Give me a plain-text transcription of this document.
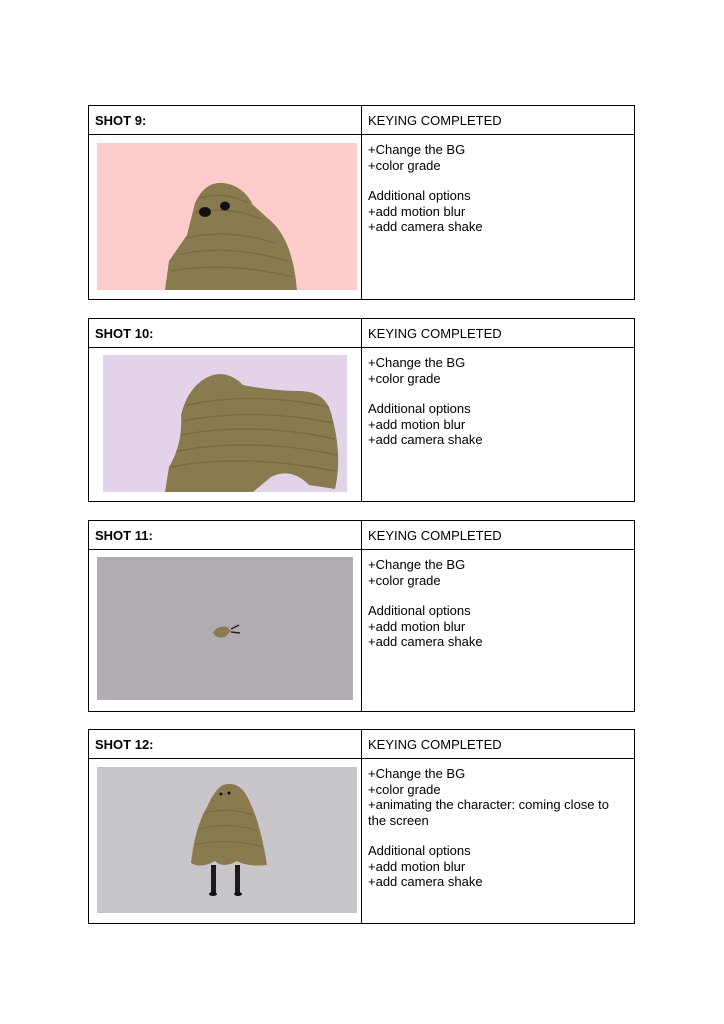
SHOT 9:	KEYING COMPLETED
+Change the BG
+color grade
Additional options
+add motion blur
+add camera shake
SHOT 10:	KEYING COMPLETED
+Change the BG
+color grade
Additional options
+add motion blur
+add camera shake
SHOT 11:	KEYING COMPLETED
+Change the BG
+color grade
Additional options
+add motion blur
+add camera shake
SHOT 12:	KEYING COMPLETED
+Change the BG
+color grade
+animating the character: coming close to the screen
Additional options
+add motion blur
+add camera shake
